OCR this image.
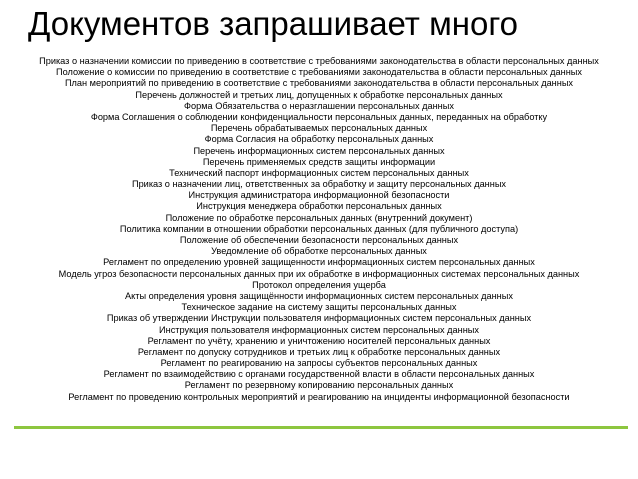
Документов запрашивает много
Приказ о назначении комиссии по приведению в соответствие с требованиями законодательства в области персональных данных
Положение о комиссии по приведению в соответствие с требованиями законодательства в области персональных данных
План мероприятий по приведению в соответствие с требованиями законодательства в области персональных данных
Перечень должностей и третьих лиц, допущенных к обработке персональных данных
Форма Обязательства о неразглашении персональных данных
Форма Соглашения о соблюдении конфиденциальности персональных данных, переданных на обработку
Перечень обрабатываемых персональных данных
Форма Согласия на обработку персональных данных
Перечень информационных систем персональных данных
Перечень применяемых средств защиты информации
Технический паспорт информационных систем персональных данных
Приказ о назначении лиц, ответственных за обработку и защиту персональных данных
Инструкция администратора информационной безопасности
Инструкция менеджера обработки персональных данных
Положение по обработке персональных данных (внутренний документ)
Политика компании в отношении обработки персональных данных (для публичного доступа)
Положение об обеспечении безопасности персональных данных
Уведомление об обработке персональных данных
Регламент по определению уровней защищенности информационных систем персональных данных
Модель угроз безопасности персональных данных при их обработке в информационных системах персональных данных
Протокол определения ущерба
Акты определения уровня защищённости информационных систем персональных данных
Техническое задание на систему защиты персональных данных
Приказ об утверждении Инструкции пользователя информационных систем персональных данных
Инструкция пользователя информационных систем персональных данных
Регламент по учёту, хранению и уничтожению носителей персональных данных
Регламент по допуску сотрудников и третьих лиц к обработке персональных данных
Регламент по реагированию на запросы субъектов персональных данных
Регламент по взаимодействию с органами государственной власти в области персональных данных
Регламент по резервному копированию персональных данных
Регламент по проведению контрольных мероприятий и реагированию на инциденты информационной безопасности
